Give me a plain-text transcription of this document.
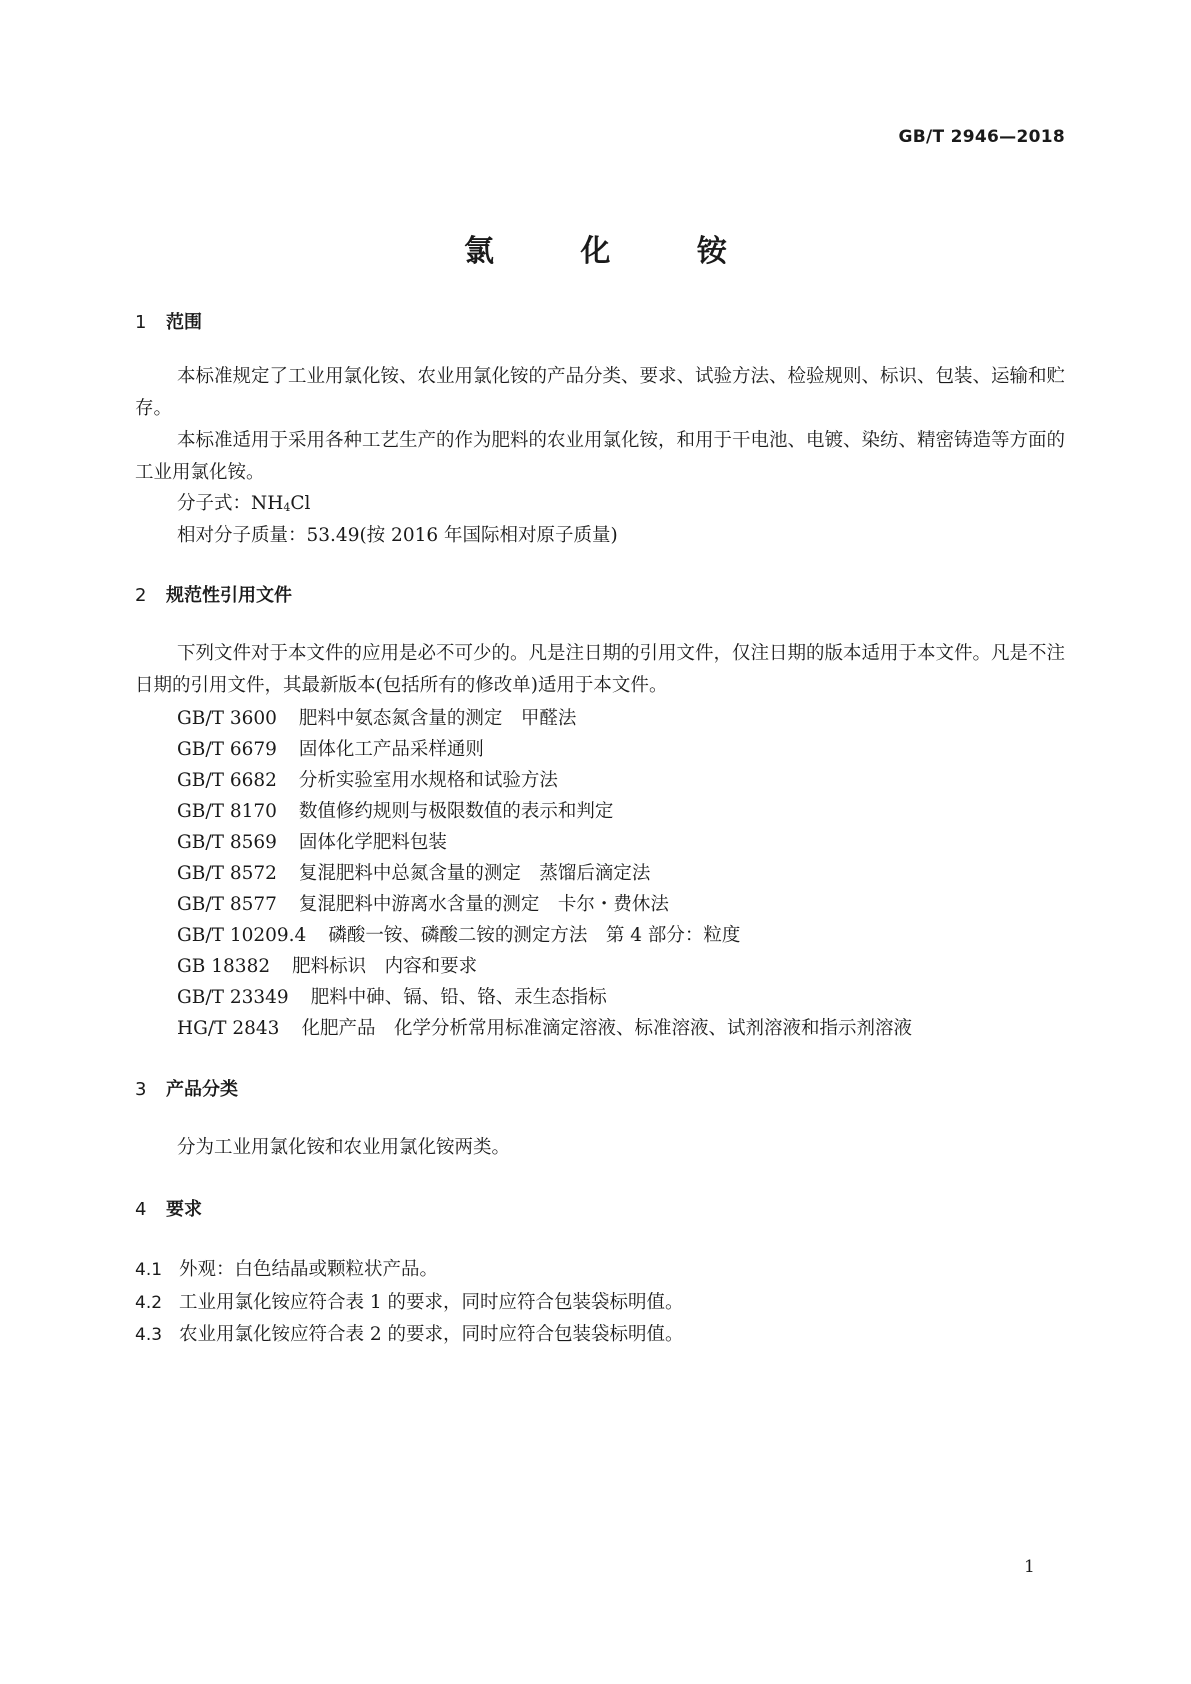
GB/T 2946—2018
氯 化 铵
1 范围

本标准规定了工业用氯化铵、农业用氯化铵的产品分类、要求、试验方法、检验规则、标识、包装、运输和贮存。

本标准适用于采用各种工艺生产的作为肥料的农业用氯化铵，和用于干电池、电镀、染纺、精密铸造等方面的工业用氯化铵。

分子式：$NH_4Cl$
相对分子质量：53.49(按 2016 年国际相对原子质量)
2 规范性引用文件

下列文件对于本文件的应用是必不可少的。凡是注日期的引用文件，仅注日期的版本适用于本文件。凡是不注日期的引用文件，其最新版本(包括所有的修改单)适用于本文件。

GB/T 3600 肥料中氨态氮含量的测定　甲醛法
GB/T 6679 固体化工产品采样通则
GB/T 6682 分析实验室用水规格和试验方法
GB/T 8170 数值修约规则与极限数值的表示和判定
GB/T 8569 固体化学肥料包装
GB/T 8572 复混肥料中总氮含量的测定　蒸馏后滴定法
GB/T 8577 复混肥料中游离水含量的测定　卡尔・费休法
GB/T 10209.4 磷酸一铵、磷酸二铵的测定方法　第 4 部分：粒度
GB 18382 肥料标识　内容和要求
GB/T 23349 肥料中砷、镉、铅、铬、汞生态指标
HG/T 2843 化肥产品　化学分析常用标准滴定溶液、标准溶液、试剂溶液和指示剂溶液
3 产品分类
分为工业用氯化铵和农业用氯化铵两类。
4 要求
4.1 外观：白色结晶或颗粒状产品。
4.2 工业用氯化铵应符合表 1 的要求，同时应符合包装袋标明值。
4.3 农业用氯化铵应符合表 2 的要求，同时应符合包装袋标明值。
1
